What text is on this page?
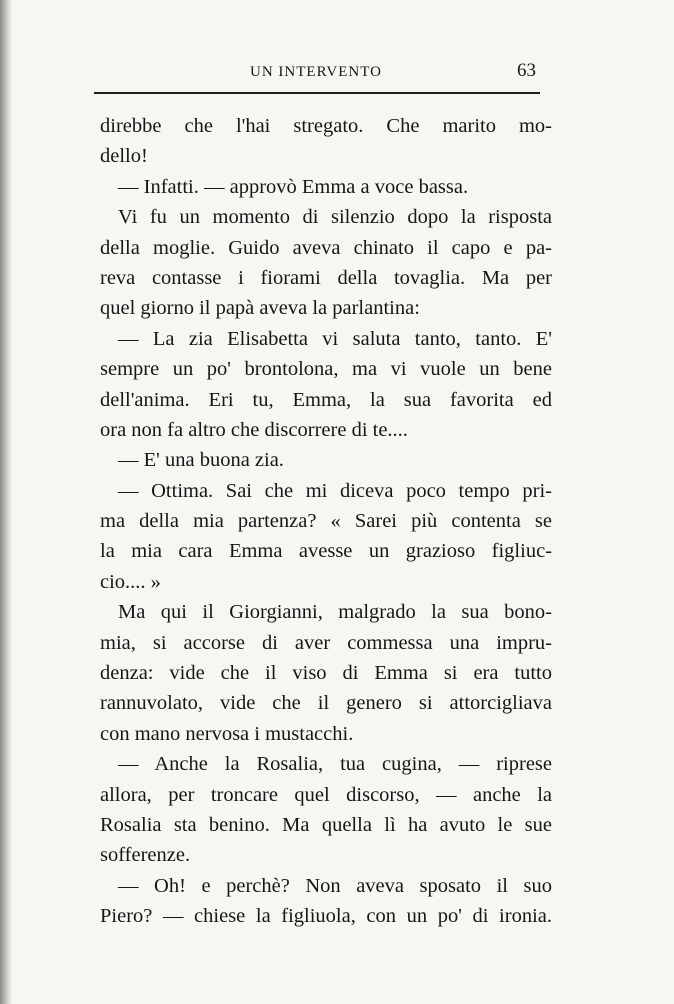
UN INTERVENTO	63
direbbe che l'hai stregato. Che marito mo-
dello!
— Infatti. — approvò Emma a voce bassa.
Vi fu un momento di silenzio dopo la risposta
della moglie. Guido aveva chinato il capo e pa-
reva contasse i fiorami della tovaglia. Ma per
quel giorno il papà aveva la parlantina:
— La zia Elisabetta vi saluta tanto, tanto. E'
sempre un po' brontolona, ma vi vuole un bene
dell'anima. Eri tu, Emma, la sua favorita ed
ora non fa altro che discorrere di te....
— E' una buona zia.
— Ottima. Sai che mi diceva poco tempo pri-
ma della mia partenza? « Sarei più contenta se
la mia cara Emma avesse un grazioso figliuc-
cio.... »
Ma qui il Giorgianni, malgrado la sua bono-
mia, si accorse di aver commessa una impru-
denza: vide che il viso di Emma si era tutto
rannuvolato, vide che il genero si attorcigliava
con mano nervosa i mustacchi.
— Anche la Rosalia, tua cugina, — riprese
allora, per troncare quel discorso, — anche la
Rosalia sta benino. Ma quella lì ha avuto le sue
sofferenze.
— Oh! e perchè? Non aveva sposato il suo
Piero? — chiese la figliuola, con un po' di ironia.
